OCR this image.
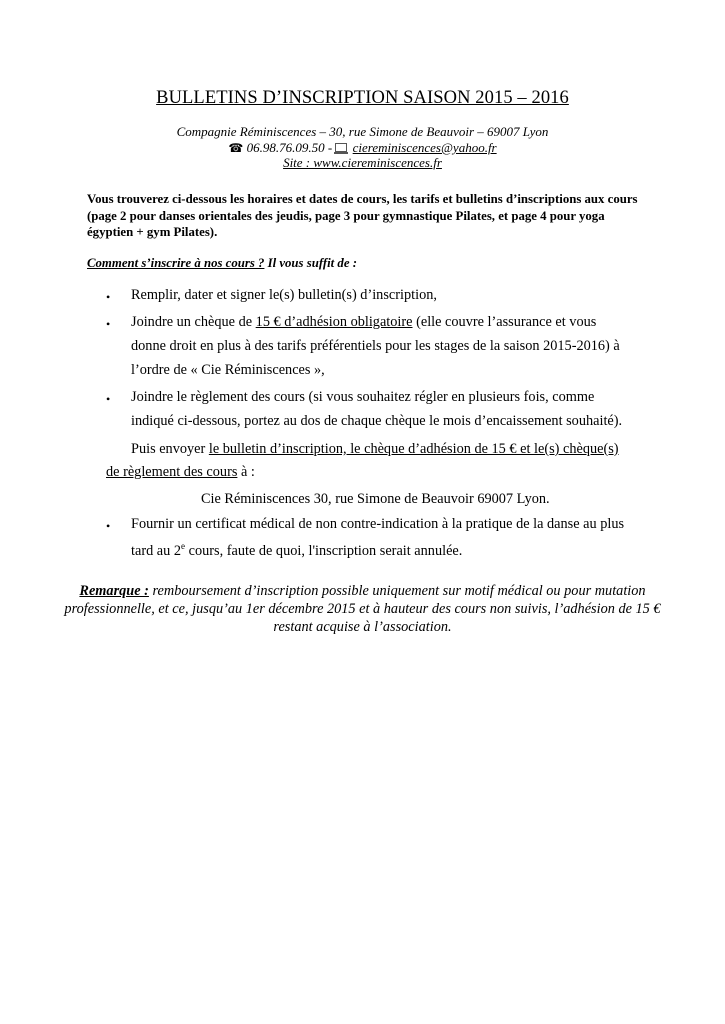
BULLETINS D’INSCRIPTION SAISON 2015 – 2016
Compagnie Réminiscences – 30, rue Simone de Beauvoir – 69007 Lyon
☎ 06.98.76.09.50 - ciereminiscences@yahoo.fr
Site : www.ciereminiscences.fr
Vous trouverez ci-dessous les horaires et dates de cours, les tarifs et bulletins d’inscriptions aux cours (page 2 pour danses orientales des jeudis, page 3 pour gymnastique Pilates, et page 4 pour yoga égyptien + gym Pilates).
Comment s’inscrire à nos cours ? Il vous suffit de :
• Remplir, dater et signer le(s) bulletin(s) d’inscription,
• Joindre un chèque de 15 € d’adhésion obligatoire (elle couvre l’assurance et vous
donne droit en plus à des tarifs préférentiels pour les stages de la saison 2015-2016) à
l’ordre de « Cie Réminiscences »,
• Joindre le règlement des cours (si vous souhaitez régler en plusieurs fois, comme
indiqué ci-dessous, portez au dos de chaque chèque le mois d’encaissement souhaité).
Puis envoyer le bulletin d’inscription, le chèque d’adhésion de 15 € et le(s) chèque(s)
de règlement des cours à :
Cie Réminiscences 30, rue Simone de Beauvoir 69007 Lyon.
• Fournir un certificat médical de non contre-indication à la pratique de la danse au plus
tard au 2e cours, faute de quoi, l'inscription serait annulée.
Remarque : remboursement d’inscription possible uniquement sur motif médical ou pour mutation professionnelle, et ce, jusqu’au 1er décembre 2015 et à hauteur des cours non suivis, l’adhésion de 15 € restant acquise à l’association.
